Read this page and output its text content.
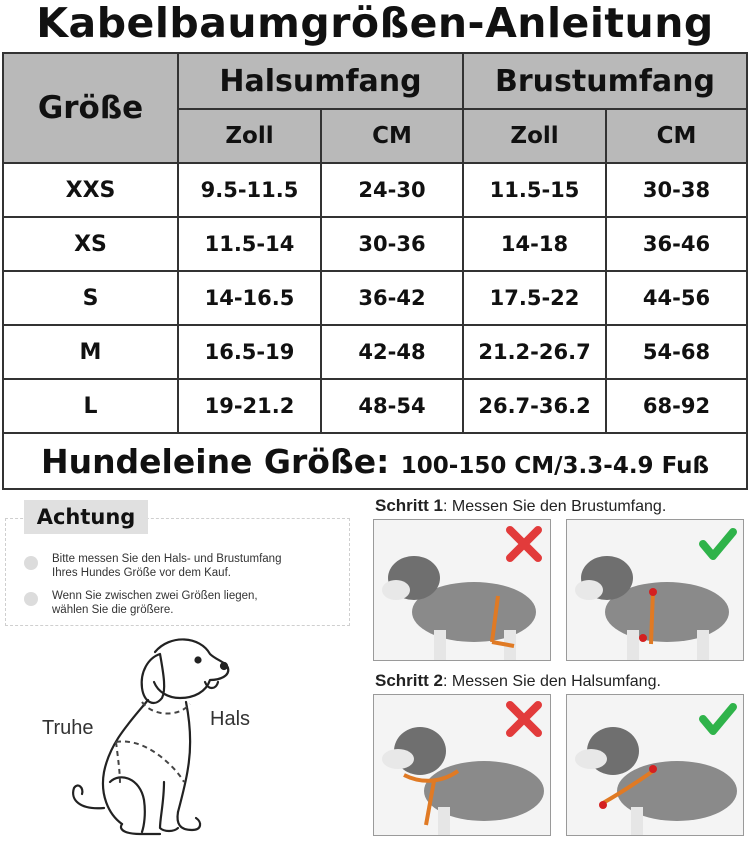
Kabelbaumgrößen-Anleitung
Größe	Halsumfang		Brustumfang	
	Zoll	CM	Zoll	CM
XXS	9.5-11.5	24-30	11.5-15	30-38
XS	11.5-14	30-36	14-18	36-46
S	14-16.5	36-42	17.5-22	44-56
M	16.5-19	42-48	21.2-26.7	54-68
L	19-21.2	48-54	26.7-36.2	68-92
Hundeleine Größe: 100-150 CM/3.3-4.9 Fuß				
Achtung
Bitte messen Sie den Hals- und Brustumfang
Ihres Hundes Größe vor dem Kauf.
Wenn Sie zwischen zwei Größen liegen,
wählen Sie die größere.
Truhe	Hals
Schritt 1: Messen Sie den Brustumfang.
Schritt 2: Messen Sie den Halsumfang.
